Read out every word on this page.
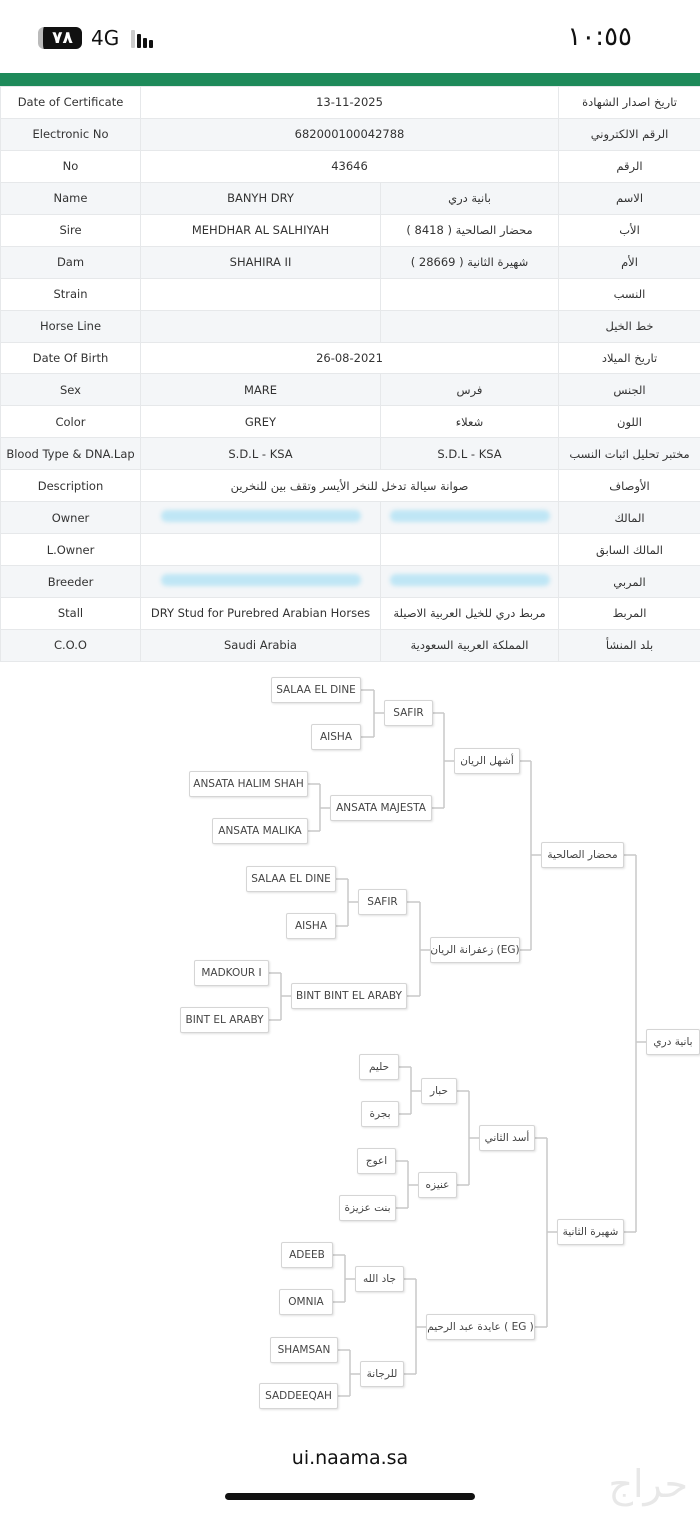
٧٨ 4G	١٠:٥٥
Date of Certificate	13-11-2025		تاريخ اصدار الشهادة
Electronic No	682000100042788		الرقم الالكتروني
No	43646		الرقم
Name	BANYH DRY	بانية دري	الاسم
Sire	MEHDHAR AL SALHIYAH	محضار الصالحية ( 8418 )	الأب
Dam	SHAHIRA II	شهيرة الثانية ( 28669 )	الأم
Strain			النسب
Horse Line			خط الخيل
Date Of Birth	26-08-2021		تاريخ الميلاد
Sex	MARE	فرس	الجنس
Color	GREY	شعلاء	اللون
Blood Type & DNA.Lap	S.D.L - KSA	S.D.L - KSA	مختبر تحليل اثبات النسب
Description	صوانة سيالة تدخل للنخر الأيسر وتقف بين للنخرين		الأوصاف
Owner			المالك
L.Owner			المالك السابق
Breeder			المربي
Stall	DRY Stud for Purebred Arabian Horses	مربط دري للخيل العربية الاصيلة	المربط
C.O.O	Saudi Arabia	المملكة العربية السعودية	بلد المنشأ
بانية دري
محضار الصالحية
شهيرة الثانية
أشهل الريان
زعفرانة الريان (EG)
أسد الثاني
عايدة عبد الرحيم ( EG )
SAFIR
ANSATA MAJESTA
SAFIR
BINT BINT EL ARABY
حبار
عنيزه
جاد الله
للرجانة
SALAA EL DINE
AISHA
ANSATA HALIM SHAH
ANSATA MALIKA
SALAA EL DINE
AISHA
MADKOUR I
BINT EL ARABY
حليم
بجرة
اعوج
بنت عزيزة
ADEEB
OMNIA
SHAMSAN
SADDEEQAH
ui.naama.sa
حراج
